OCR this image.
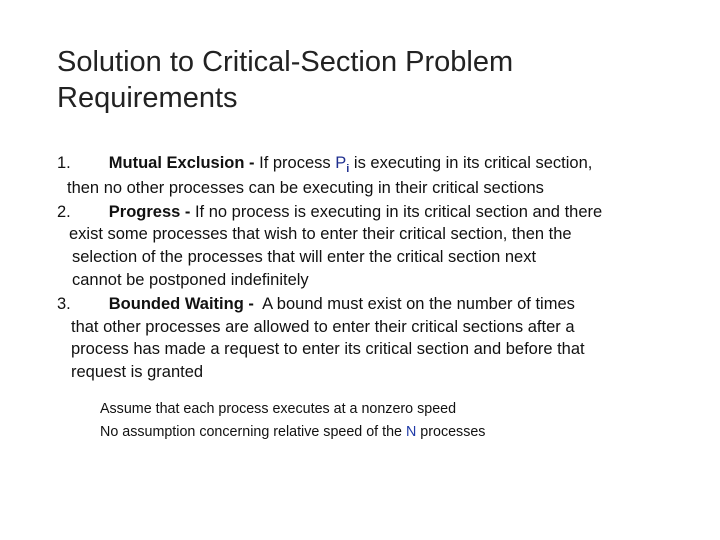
Solution to Critical-Section Problem
Requirements
1. Mutual Exclusion - If process $P_i$ is executing in its critical section,
then no other processes can be executing in their critical sections
2. Progress - If no process is executing in its critical section and there
exist some processes that wish to enter their critical section, then the
selection of the processes that will enter the critical section next
cannot be postponed indefinitely
3. Bounded Waiting -  A bound must exist on the number of times
that other processes are allowed to enter their critical sections after a
process has made a request to enter its critical section and before that
request is granted
Assume that each process executes at a nonzero speed
No assumption concerning relative speed of the N processes
